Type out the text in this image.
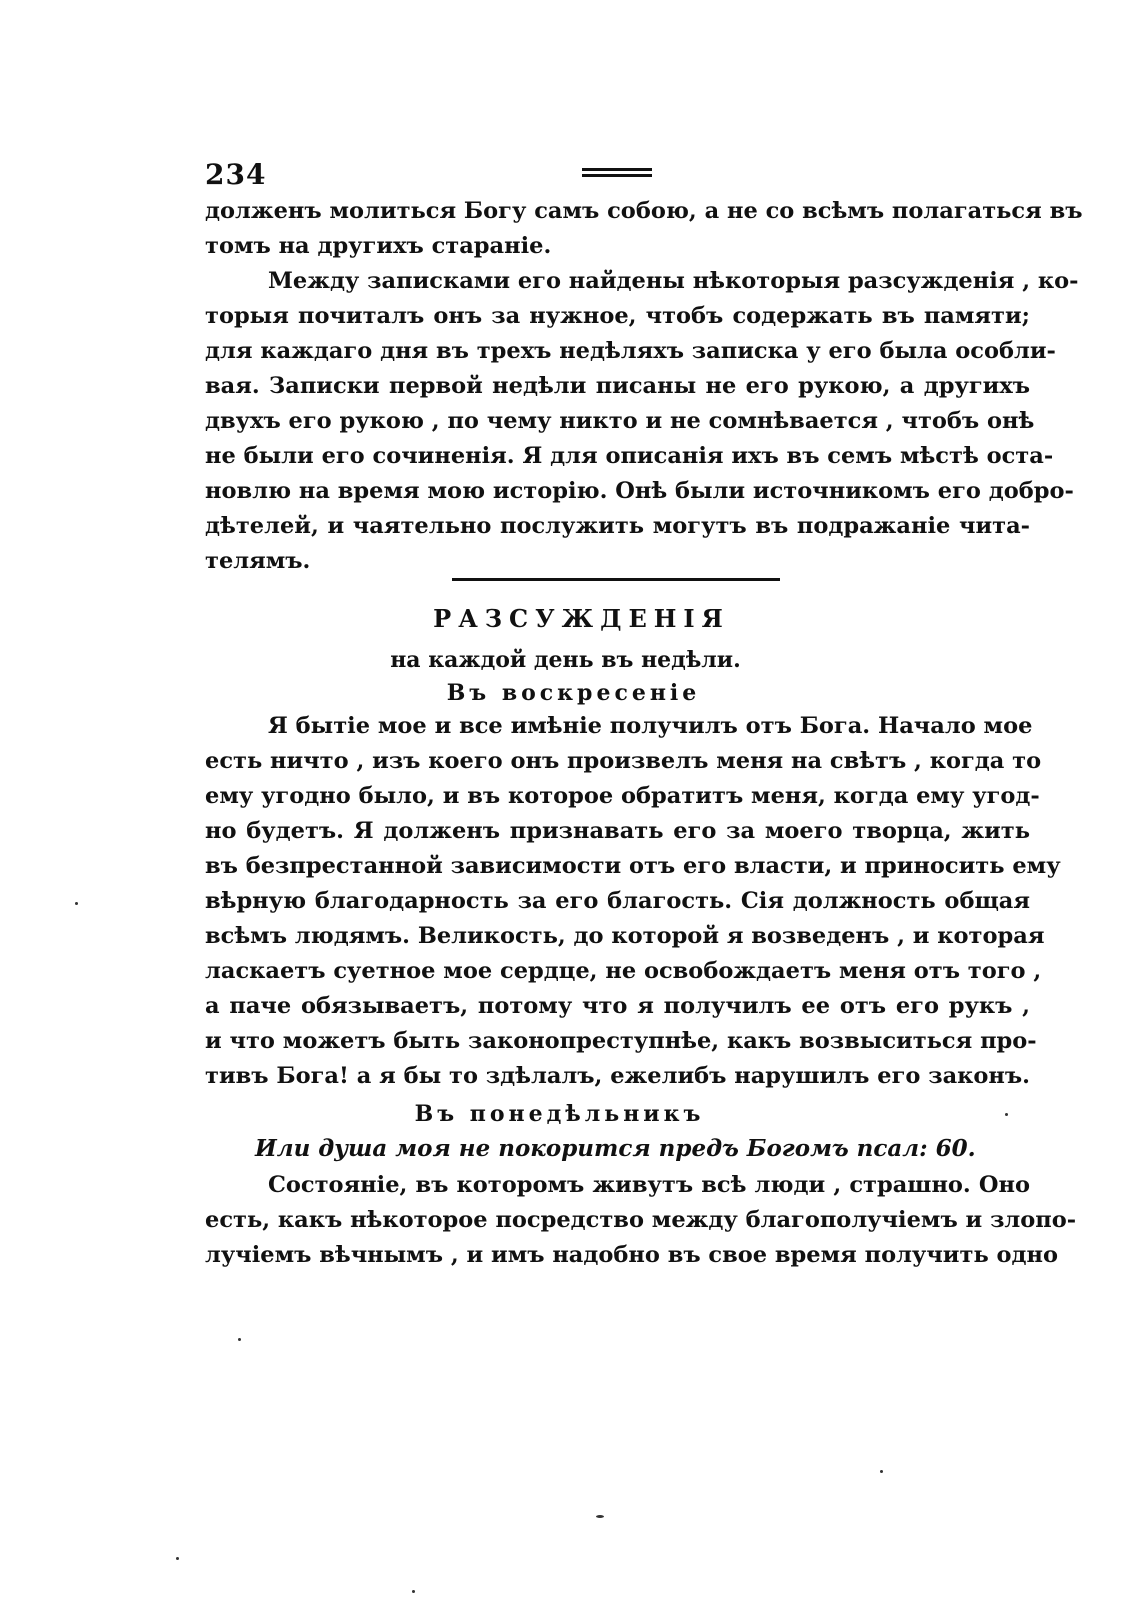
234
долженъ молиться Богу самъ собою, а не со всѣмъ полагаться въ
томъ на другихъ стараніе.
Между записками его найдены нѣкоторыя разсужденія , ко-
торыя почиталъ онъ за нужное, чтобъ содержать въ памяти;
для каждаго дня въ трехъ недѣляхъ записка у его была особли-
вая. Записки первой недѣли писаны не его рукою, а другихъ
двухъ его рукою , по чему никто и не сомнѣвается , чтобъ онѣ
не были его сочиненія. Я для описанія ихъ въ семъ мѣстѣ оста-
новлю на время мою исторію. Онѣ были источникомъ его добро-
дѣтелей, и чаятельно послужить могутъ въ подражаніе чита-
телямъ.
РАЗСУЖДЕНІЯ
на каждой день въ недѣли.
Въ воскресеніе
Я бытіе мое и все имѣніе получилъ отъ Бога. Начало мое
есть ничто , изъ коего онъ произвелъ меня на свѣтъ , когда то
ему угодно было, и въ которое обратитъ меня, когда ему угод-
но будетъ. Я долженъ признавать его за моего творца, жить
въ безпрестанной зависимости отъ его власти, и приносить ему
вѣрную благодарность за его благость. Сія должность общая
всѣмъ людямъ. Великость, до которой я возведенъ , и которая
ласкаетъ суетное мое сердце, не освобождаетъ меня отъ того ,
а паче обязываетъ, потому что я получилъ ее отъ его рукъ ,
и что можетъ быть законопреступнѣе, какъ возвыситься про-
тивъ Бога! а я бы то здѣлалъ, ежелибъ нарушилъ его законъ.
Въ понедѣльникъ
Или душа моя не покорится предъ Богомъ псал: 60.
Состояніе, въ которомъ живутъ всѣ люди , страшно. Оно
есть, какъ нѣкоторое посредство между благополучіемъ и злопо-
лучіемъ вѣчнымъ , и имъ надобно въ свое время получить одно
